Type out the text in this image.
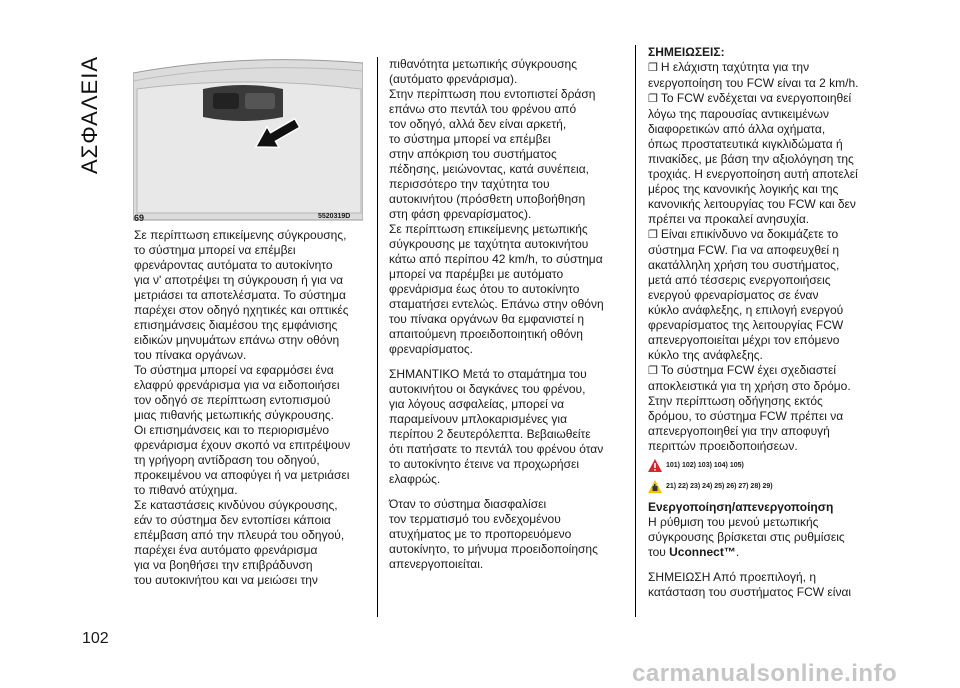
ΑΣΦΑΛΕΙΑ
69	5520319D

Σε περίπτωση επικείμενης σύγκρουσης,

το σύστημα μπορεί να επέμβει

φρενάροντας αυτόματα το αυτοκίνητο

για ν' αποτρέψει τη σύγκρουση ή για να

μετριάσει τα αποτελέσματα. Το σύστημα

παρέχει στον οδηγό ηχητικές και οπτικές

επισημάνσεις διαμέσου της εμφάνισης

ειδικών μηνυμάτων επάνω στην οθόνη

του πίνακα οργάνων.

Το σύστημα μπορεί να εφαρμόσει ένα

ελαφρύ φρενάρισμα για να ειδοποιήσει

τον οδηγό σε περίπτωση εντοπισμού

μιας πιθανής μετωπικής σύγκρουσης.

Οι επισημάνσεις και το περιορισμένο

φρενάρισμα έχουν σκοπό να επιτρέψουν

τη γρήγορη αντίδραση του οδηγού,

προκειμένου να αποφύγει ή να μετριάσει

το πιθανό ατύχημα.

Σε καταστάσεις κινδύνου σύγκρουσης,

εάν το σύστημα δεν εντοπίσει κάποια

επέμβαση από την πλευρά του οδηγού,

παρέχει ένα αυτόματο φρενάρισμα

για να βοηθήσει την επιβράδυνση

του αυτοκινήτου και να μειώσει την

πιθανότητα μετωπικής σύγκρουσης

(αυτόματο φρενάρισμα).

Στην περίπτωση που εντοπιστεί δράση

επάνω στο πεντάλ του φρένου από

τον οδηγό, αλλά δεν είναι αρκετή,

το σύστημα μπορεί να επέμβει

στην απόκριση του συστήματος

πέδησης, μειώνοντας, κατά συνέπεια,

περισσότερο την ταχύτητα του

αυτοκινήτου (πρόσθετη υποβοήθηση

στη φάση φρεναρίσματος).

Σε περίπτωση επικείμενης μετωπικής

σύγκρουσης με ταχύτητα αυτοκινήτου

κάτω από περίπου 42 km/h, το σύστημα

μπορεί να παρέμβει με αυτόματο

φρενάρισμα έως ότου το αυτοκίνητο

σταματήσει εντελώς. Επάνω στην οθόνη

του πίνακα οργάνων θα εμφανιστεί η

απαιτούμενη προειδοποιητική οθόνη

φρεναρίσματος.

ΣΗΜΑΝΤΙΚΟ Μετά το σταμάτημα του

αυτοκινήτου οι δαγκάνες του φρένου,

για λόγους ασφαλείας, μπορεί να

παραμείνουν μπλοκαρισμένες για

περίπου 2 δευτερόλεπτα. Βεβαιωθείτε

ότι πατήσατε το πεντάλ του φρένου όταν

το αυτοκίνητο έτεινε να προχωρήσει

ελαφρώς.

Όταν το σύστημα διασφαλίσει

τον τερματισμό του ενδεχομένου

ατυχήματος με το προπορευόμενο

αυτοκίνητο, το μήνυμα προειδοποίησης

απενεργοποιείται.

ΣΗΜΕΙΩΣΕΙΣ:

❐ Η ελάχιστη ταχύτητα για την

ενεργοποίηση του FCW είναι τα 2 km/h.

❐ Το FCW ενδέχεται να ενεργοποιηθεί

λόγω της παρουσίας αντικειμένων

διαφορετικών από άλλα οχήματα,

όπως προστατευτικά κιγκλιδώματα ή

πινακίδες, με βάση την αξιολόγηση της

τροχιάς. Η ενεργοποίηση αυτή αποτελεί

μέρος της κανονικής λογικής και της

κανονικής λειτουργίας του FCW και δεν

πρέπει να προκαλεί ανησυχία.

❐ Είναι επικίνδυνο να δοκιμάζετε το

σύστημα FCW. Για να αποφευχθεί η

ακατάλληλη χρήση του συστήματος,

μετά από τέσσερις ενεργοποιήσεις

ενεργού φρεναρίσματος σε έναν

κύκλο ανάφλεξης, η επιλογή ενεργού

φρεναρίσματος της λειτουργίας FCW

απενεργοποιείται μέχρι τον επόμενο

κύκλο της ανάφλεξης.

❐ Το σύστημα FCW έχει σχεδιαστεί

αποκλειστικά για τη χρήση στο δρόμο.

Στην περίπτωση οδήγησης εκτός

δρόμου, το σύστημα FCW πρέπει να

απενεργοποιηθεί για την αποφυγή

περιττών προειδοποιήσεων.

101) 102) 103) 104) 105)
21) 22) 23) 24) 25) 26) 27) 28) 29)

Ενεργοποίηση/απενεργοποίηση

Η ρύθμιση του μενού μετωπικής

σύγκρουσης βρίσκεται στις ρυθμίσεις

του Uconnect™.

ΣΗΜΕΙΩΣΗ Από προεπιλογή, η

κατάσταση του συστήματος FCW είναι

102
carmanualsonline.info
